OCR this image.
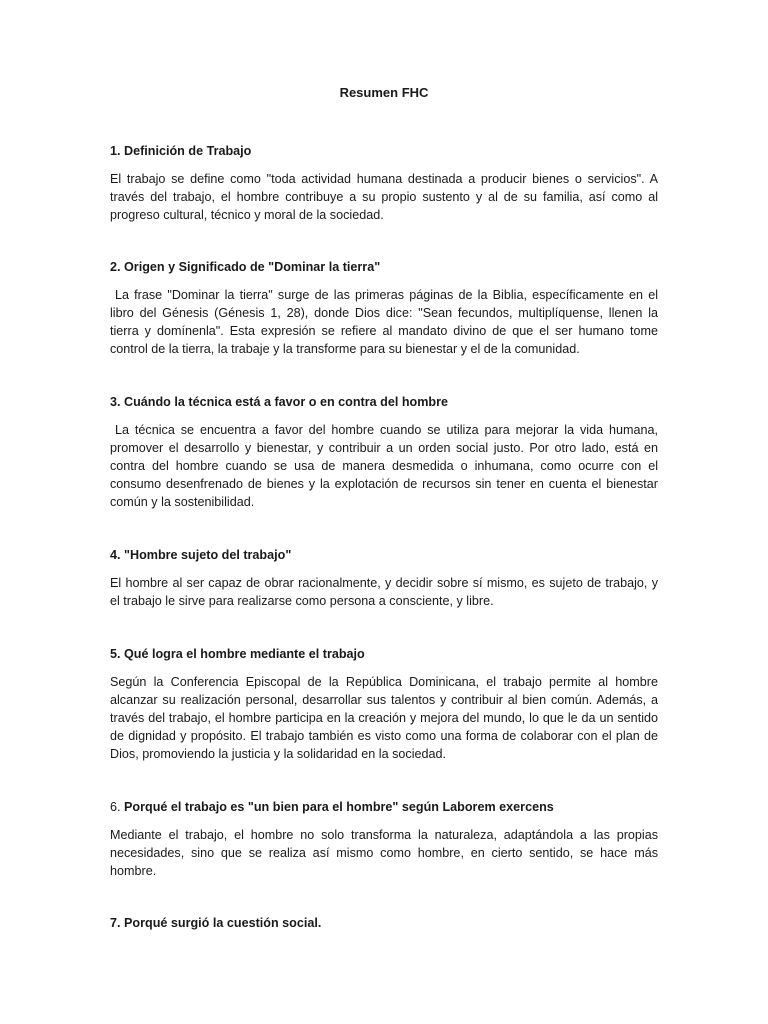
Resumen FHC
1. Definición de Trabajo

El trabajo se define como "toda actividad humana destinada a producir bienes o servicios". A través del trabajo, el hombre contribuye a su propio sustento y al de su familia, así como al progreso cultural, técnico y moral de la sociedad.

2. Origen y Significado de "Dominar la tierra"

La frase "Dominar la tierra" surge de las primeras páginas de la Biblia, específicamente en el libro del Génesis (Génesis 1, 28), donde Dios dice: "Sean fecundos, multiplíquense, llenen la tierra y domínenla". Esta expresión se refiere al mandato divino de que el ser humano tome control de la tierra, la trabaje y la transforme para su bienestar y el de la comunidad.

3. Cuándo la técnica está a favor o en contra del hombre

La técnica se encuentra a favor del hombre cuando se utiliza para mejorar la vida humana, promover el desarrollo y bienestar, y contribuir a un orden social justo. Por otro lado, está en contra del hombre cuando se usa de manera desmedida o inhumana, como ocurre con el consumo desenfrenado de bienes y la explotación de recursos sin tener en cuenta el bienestar común y la sostenibilidad.

4. "Hombre sujeto del trabajo"

El hombre al ser capaz de obrar racionalmente, y decidir sobre sí mismo, es sujeto de trabajo, y el trabajo le sirve para realizarse como persona a consciente, y libre.

5. Qué logra el hombre mediante el trabajo

Según la Conferencia Episcopal de la República Dominicana, el trabajo permite al hombre alcanzar su realización personal, desarrollar sus talentos y contribuir al bien común. Además, a través del trabajo, el hombre participa en la creación y mejora del mundo, lo que le da un sentido de dignidad y propósito. El trabajo también es visto como una forma de colaborar con el plan de Dios, promoviendo la justicia y la solidaridad en la sociedad.

6. Porqué el trabajo es "un bien para el hombre" según Laborem exercens

Mediante el trabajo, el hombre no solo transforma la naturaleza, adaptándola a las propias necesidades, sino que se realiza así mismo como hombre, en cierto sentido, se hace más hombre.

7. Porqué surgió la cuestión social.
